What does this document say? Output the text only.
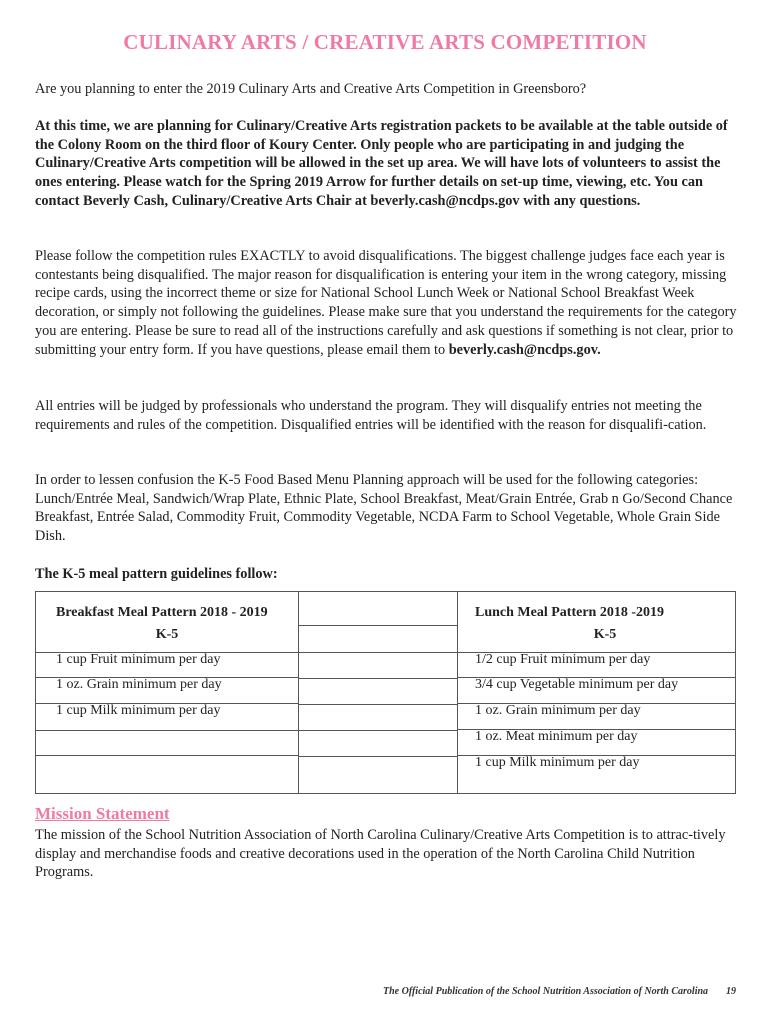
CULINARY ARTS / CREATIVE ARTS COMPETITION

Are you planning to enter the 2019 Culinary Arts and Creative Arts Competition in Greensboro?

At this time, we are planning for Culinary/Creative Arts registration packets to be available at the table outside of the Colony Room on the third floor of Koury Center. Only people who are participating in and judging the Culinary/Creative Arts competition will be allowed in the set up area. We will have lots of volunteers to assist the ones entering. Please watch for the Spring 2019 Arrow for further details on set-up time, viewing, etc. You can contact Beverly Cash, Culinary/Creative Arts Chair at beverly.cash@ncdps.gov with any questions.

Please follow the competition rules EXACTLY to avoid disqualifications. The biggest challenge judges face each year is contestants being disqualified. The major reason for disqualification is entering your item in the wrong category, missing recipe cards, using the incorrect theme or size for National School Lunch Week or National School Breakfast Week decoration, or simply not following the guidelines. Please make sure that you understand the requirements for the category you are entering. Please be sure to read all of the instructions carefully and ask questions if something is not clear, prior to submitting your entry form. If you have questions, please email them to beverly.cash@ncdps.gov.

All entries will be judged by professionals who understand the program. They will disqualify entries not meeting the requirements and rules of the competition. Disqualified entries will be identified with the reason for disqualifi-cation.

In order to lessen confusion the K-5 Food Based Menu Planning approach will be used for the following categories: Lunch/Entrée Meal, Sandwich/Wrap Plate, Ethnic Plate, School Breakfast, Meat/Grain Entrée, Grab n Go/Second Chance Breakfast, Entrée Salad, Commodity Fruit, Commodity Vegetable, NCDA Farm to School Vegetable, Whole Grain Side Dish.

The K-5 meal pattern guidelines follow:

Breakfast Meal Pattern 2018 - 2019
K-5
1 cup Fruit minimum per day
1 oz. Grain minimum per day
1 cup Milk minimum per day
Lunch Meal Pattern 2018 -2019
K-5
1/2 cup Fruit minimum per day
3/4 cup Vegetable minimum per day
1 oz. Grain minimum per day
1 oz. Meat minimum per day
1 cup Milk minimum per day
Mission Statement

The mission of the School Nutrition Association of North Carolina Culinary/Creative Arts Competition is to attrac-tively display and merchandise foods and creative decorations used in the operation of the North Carolina Child Nutrition Programs.

The Official Publication of the School Nutrition Association of North Carolina 19
